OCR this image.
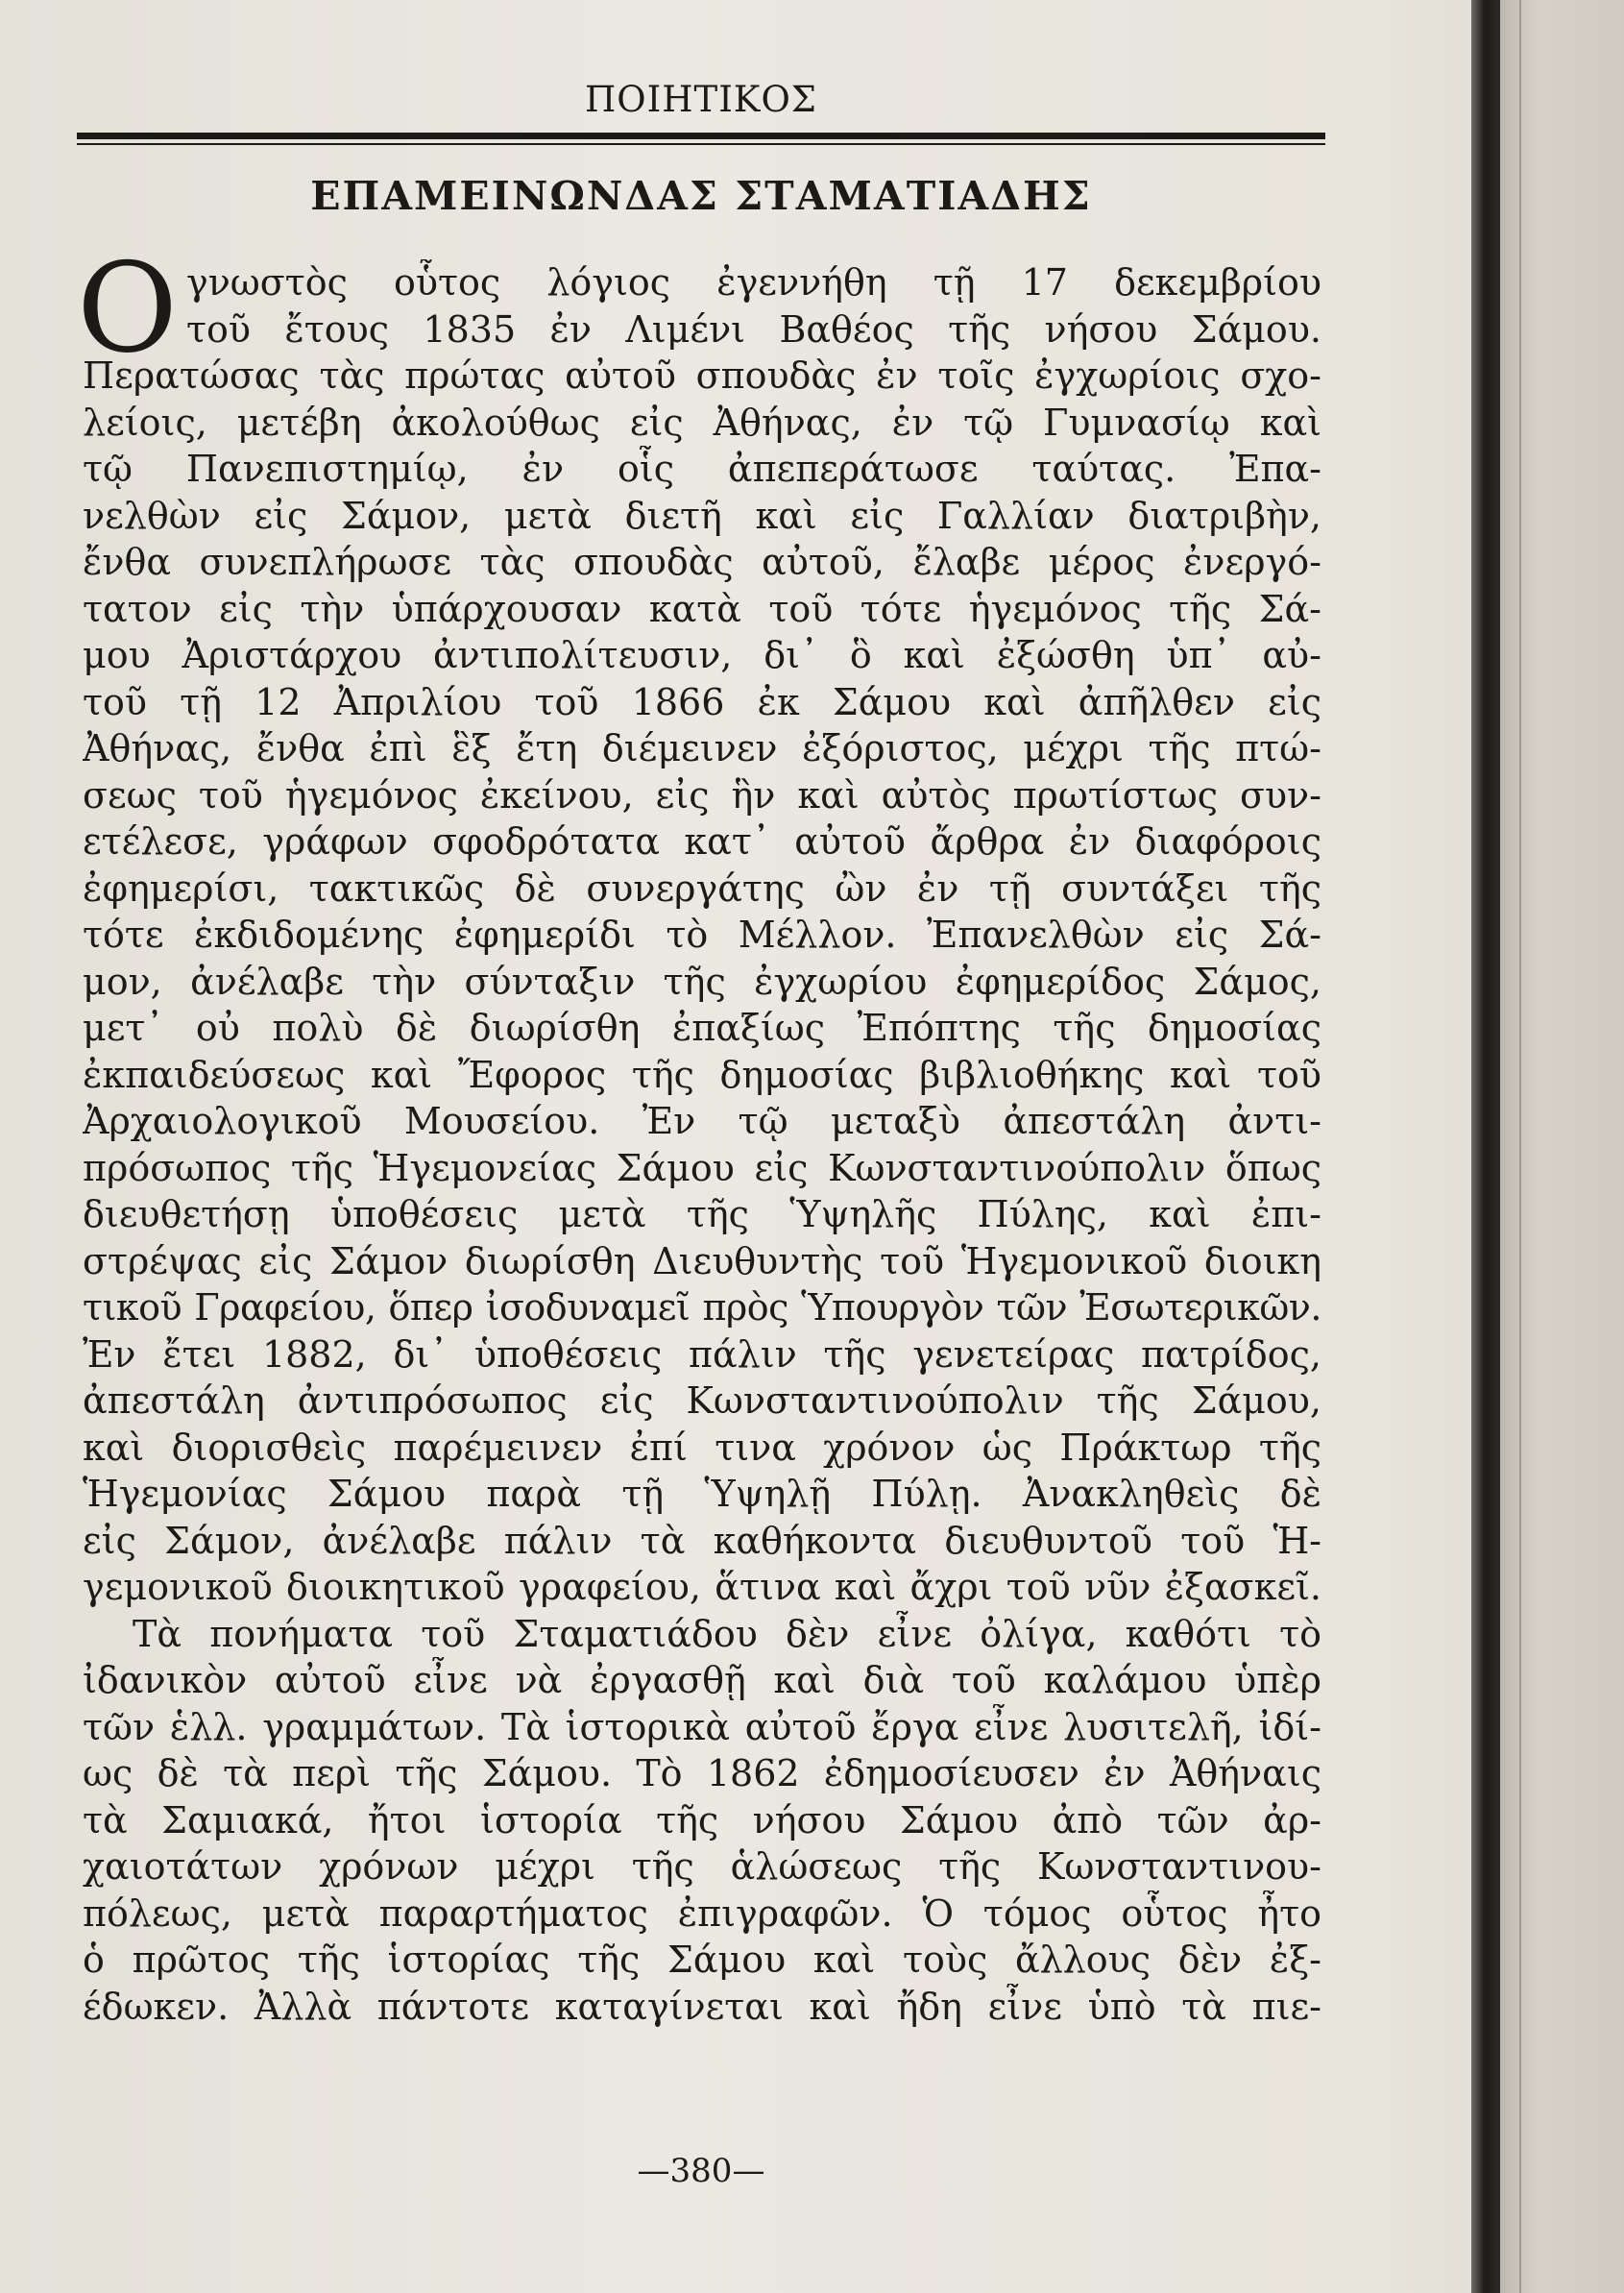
ΠΟΙΗΤΙΚΟΣ
ΕΠΑΜΕΙΝΩΝΔΑΣ ΣΤΑΜΑΤΙΑΔΗΣ
Ο γνωστὸς οὗτος λόγιος ἐγεννήθη τῇ 17 δεκεμβρίου
τοῦ ἔτους 1835 ἐν Λιμένι Βαθέος τῆς νήσου Σάμου.
Περατώσας τὰς πρώτας αὐτοῦ σπουδὰς ἐν τοῖς ἐγχωρίοις σχο-
λείοις, μετέβη ἀκολούθως εἰς Ἀθήνας, ἐν τῷ Γυμνασίῳ καὶ
τῷ Πανεπιστημίῳ, ἐν οἷς ἀπεπεράτωσε ταύτας. Ἐπα-
νελθὼν εἰς Σάμον, μετὰ διετῆ καὶ εἰς Γαλλίαν διατριβὴν,
ἔνθα συνεπλήρωσε τὰς σπουδὰς αὐτοῦ, ἔλαβε μέρος ἐνεργό-
τατον εἰς τὴν ὑπάρχουσαν κατὰ τοῦ τότε ἡγεμόνος τῆς Σά-
μου Ἀριστάρχου ἀντιπολίτευσιν, δι᾿ ὃ καὶ ἐξώσθη ὑπ᾿ αὐ-
τοῦ τῇ 12 Ἀπριλίου τοῦ 1866 ἐκ Σάμου καὶ ἀπῆλθεν εἰς
Ἀθήνας, ἔνθα ἐπὶ ἓξ ἔτη διέμεινεν ἐξόριστος, μέχρι τῆς πτώ-
σεως τοῦ ἡγεμόνος ἐκείνου, εἰς ἣν καὶ αὐτὸς πρωτίστως συν-
ετέλεσε, γράφων σφοδρότατα κατ᾿ αὐτοῦ ἄρθρα ἐν διαφόροις
ἐφημερίσι, τακτικῶς δὲ συνεργάτης ὢν ἐν τῇ συντάξει τῆς
τότε ἐκδιδομένης ἐφημερίδι τὸ Μέλλον. Ἐπανελθὼν εἰς Σά-
μον, ἀνέλαβε τὴν σύνταξιν τῆς ἐγχωρίου ἐφημερίδος Σάμος,
μετ᾿ οὐ πολὺ δὲ διωρίσθη ἐπαξίως Ἐπόπτης τῆς δημοσίας
ἐκπαιδεύσεως καὶ Ἔφορος τῆς δημοσίας βιβλιοθήκης καὶ τοῦ
Ἀρχαιολογικοῦ Μουσείου. Ἐν τῷ μεταξὺ ἀπεστάλη ἀντι-
πρόσωπος τῆς Ἡγεμονείας Σάμου εἰς Κωνσταντινούπολιν ὅπως
διευθετήσῃ ὑποθέσεις μετὰ τῆς Ὑψηλῆς Πύλης, καὶ ἐπι-
στρέψας εἰς Σάμον διωρίσθη Διευθυντὴς τοῦ Ἡγεμονικοῦ διοικη
τικοῦ Γραφείου, ὅπερ ἰσοδυναμεῖ πρὸς Ὑπουργὸν τῶν Ἐσωτερικῶν.
Ἐν ἔτει 1882, δι᾿ ὑποθέσεις πάλιν τῆς γενετείρας πατρίδος,
ἀπεστάλη ἀντιπρόσωπος εἰς Κωνσταντινούπολιν τῆς Σάμου,
καὶ διορισθεὶς παρέμεινεν ἐπί τινα χρόνον ὡς Πράκτωρ τῆς
Ἡγεμονίας Σάμου παρὰ τῇ Ὑψηλῇ Πύλῃ. Ἀνακληθεὶς δὲ
εἰς Σάμον, ἀνέλαβε πάλιν τὰ καθήκοντα διευθυντοῦ τοῦ Ἡ-
γεμονικοῦ διοικητικοῦ γραφείου, ἅτινα καὶ ἄχρι τοῦ νῦν ἐξασκεῖ.
Τὰ πονήματα τοῦ Σταματιάδου δὲν εἶνε ὀλίγα, καθότι τὸ
ἰδανικὸν αὐτοῦ εἶνε νὰ ἐργασθῇ καὶ διὰ τοῦ καλάμου ὑπὲρ
τῶν ἑλλ. γραμμάτων. Τὰ ἱστορικὰ αὐτοῦ ἔργα εἶνε λυσιτελῆ, ἰδί-
ως δὲ τὰ περὶ τῆς Σάμου. Τὸ 1862 ἐδημοσίευσεν ἐν Ἀθήναις
τὰ Σαμιακά, ἤτοι ἱστορία τῆς νήσου Σάμου ἀπὸ τῶν ἀρ-
χαιοτάτων χρόνων μέχρι τῆς ἁλώσεως τῆς Κωνσταντινου-
πόλεως, μετὰ παραρτήματος ἐπιγραφῶν. Ὁ τόμος οὗτος ἦτο
ὁ πρῶτος τῆς ἱστορίας τῆς Σάμου καὶ τοὺς ἄλλους δὲν ἐξ-
έδωκεν. Ἀλλὰ πάντοτε καταγίνεται καὶ ἤδη εἶνε ὑπὸ τὰ πιε-
—380—
